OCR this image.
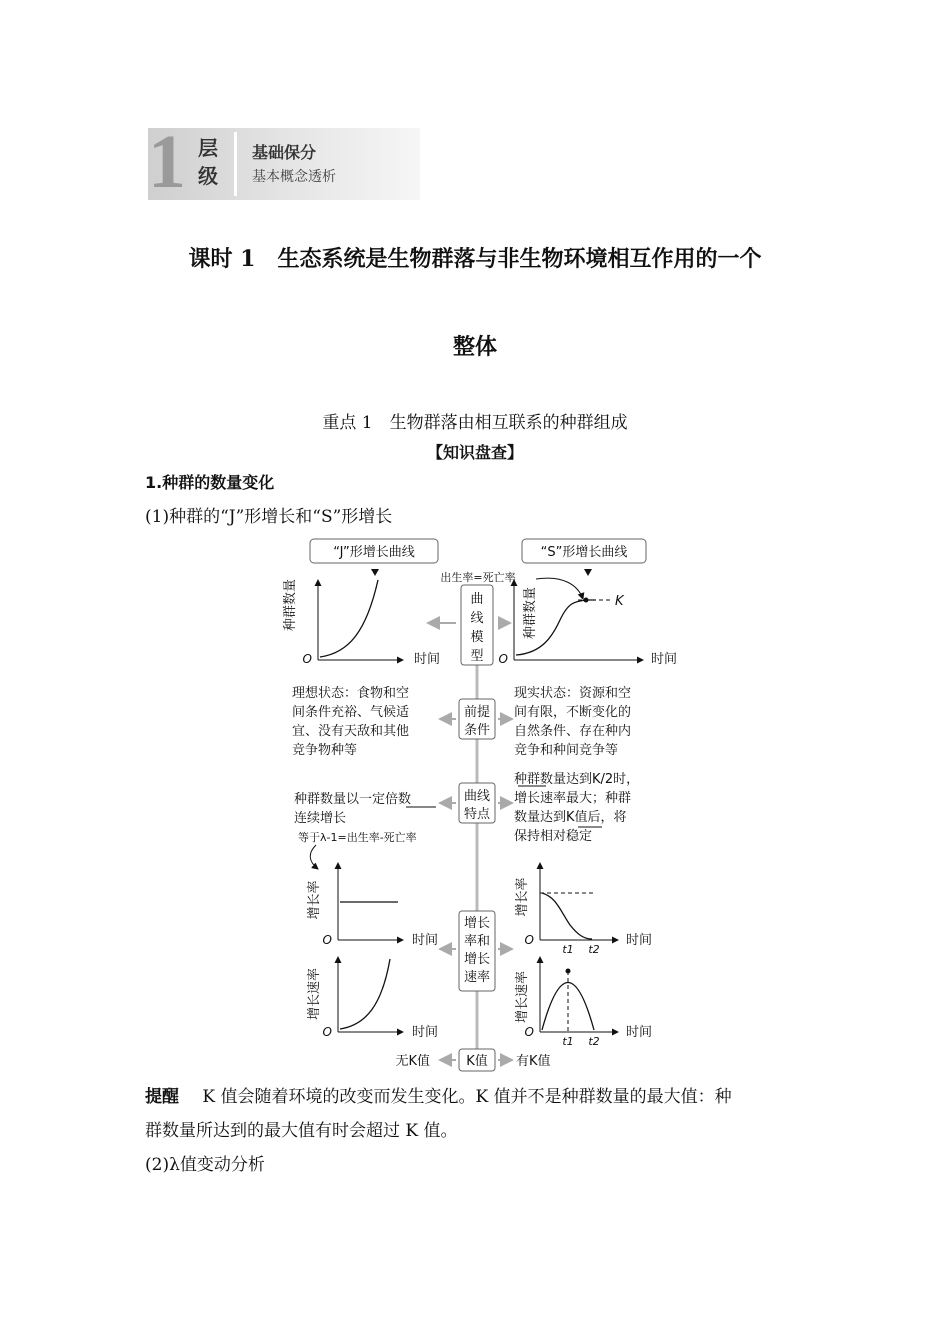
1 层
级
基础保分
基本概念透析
课时 1　生态系统是生物群落与非生物环境相互作用的一个
整体
重点 1　生物群落由相互联系的种群组成
【知识盘查】
1.种群的数量变化
(1)种群的“J”形增长和“S”形增长
“J”形增长曲线	“S”形增长曲线
O	时间
种群数量
出生率=死亡率
K
O	时间
种群数量
理想状态：食物和空
间条件充裕、气候适
宜、没有天敌和其他
竞争物种等
现实状态：资源和空
间有限，不断变化的
自然条件、存在种内
竞争和种间竞争等
种群数量以一定倍数
连续增长
种群数量达到K/2时，
增长速率最大；种群
数量达到K值后，将
保持相对稳定
等于λ-1=出生率-死亡率
O	时间
增长率
O	时间
增长速率
O	时间
t1 t2
增长率
O	时间
t1 t2
增长速率
K值
无K值	有K值
曲
线
模
型
前提
条件
曲线
特点
增长
率和
增长
速率
提醒 K 值会随着环境的改变而发生变化。K 值并不是种群数量的最大值：种
群数量所达到的最大值有时会超过 K 值。
(2)λ值变动分析
